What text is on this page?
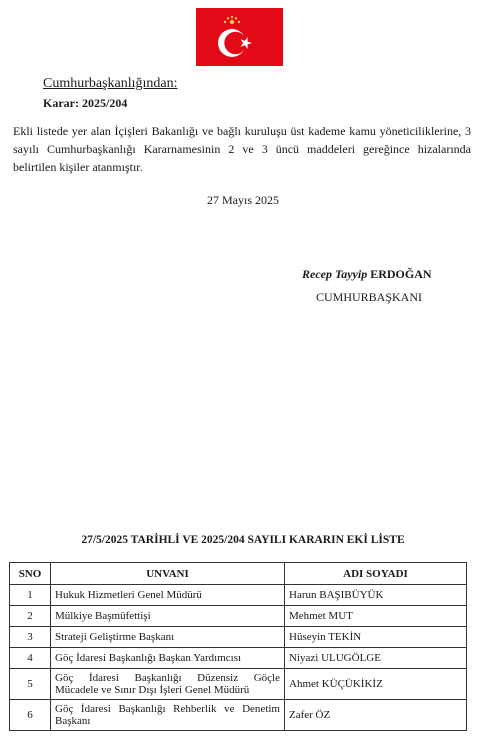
Cumhurbaşkanlığından:
Karar: 2025/204
Ekli listede yer alan İçişleri Bakanlığı ve bağlı kuruluşu üst kademe kamu yöneticiliklerine, 3 sayılı Cumhurbaşkanlığı Kararnamesinin 2 ve 3 üncü maddeleri gereğince hizalarında belirtilen kişiler atanmıştır.
27 Mayıs 2025
Recep Tayyip ERDOĞAN
CUMHURBAŞKANI
27/5/2025 TARİHLİ VE 2025/204 SAYILI KARARIN EKİ LİSTE
SNO	UNVANI	ADI SOYADI
1	Hukuk Hizmetleri Genel Müdürü	Harun BAŞIBÜYÜK
2	Mülkiye Başmüfettişi	Mehmet MUT
3	Strateji Geliştirme Başkanı	Hüseyin TEKİN
4	Göç İdaresi Başkanlığı Başkan Yardımcısı	Niyazi ULUGÖLGE
5	Göç İdaresi Başkanlığı Düzensiz Göçle
Mücadele ve Sınır Dışı İşleri Genel Müdürü	Ahmet KÜÇÜKİKİZ
6	Göç İdaresi Başkanlığı Rehberlik ve Denetim
Başkanı	Zafer ÖZ
